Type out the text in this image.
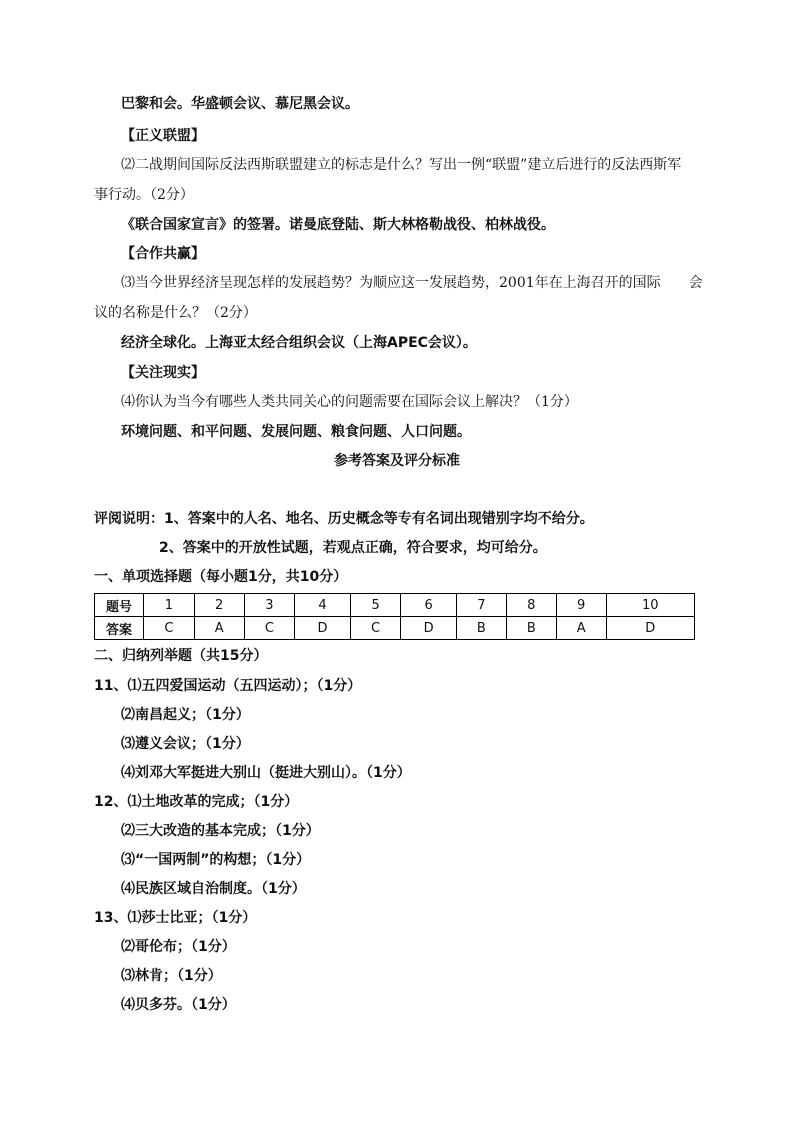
巴黎和会。华盛顿会议、慕尼黑会议。
【正义联盟】
⑵二战期间国际反法西斯联盟建立的标志是什么？写出一例“联盟”建立后进行的反法西斯军
事行动。（2分）
《联合国家宣言》的签署。诺曼底登陆、斯大林格勒战役、柏林战役。
【合作共赢】
⑶当今世界经济呈现怎样的发展趋势？为顺应这一发展趋势，2001年在上海召开的国际　　会
议的名称是什么？（2分）
经济全球化。上海亚太经合组织会议（上海APEC会议）。
【关注现实】
⑷你认为当今有哪些人类共同关心的问题需要在国际会议上解决？（1分）
环境问题、和平问题、发展问题、粮食问题、人口问题。
参考答案及评分标准
评阅说明：1、答案中的人名、地名、历史概念等专有名词出现错别字均不给分。
2、答案中的开放性试题，若观点正确，符合要求，均可给分。
一、单项选择题（每小题1分，共10分）
题号	1	2	3	4	5	6	7	8	9	10
答案	C	A	C	D	C	D	B	B	A	D
二、归纳列举题（共15分）
11、⑴五四爱国运动（五四运动）；（1分）
⑵南昌起义；（1分）
⑶遵义会议；（1分）
⑷刘邓大军挺进大别山（挺进大别山）。（1分）
12、⑴土地改革的完成；（1分）
⑵三大改造的基本完成；（1分）
⑶“一国两制”的构想；（1分）
⑷民族区域自治制度。（1分）
13、⑴莎士比亚；（1分）
⑵哥伦布；（1分）
⑶林肯；（1分）
⑷贝多芬。（1分）
